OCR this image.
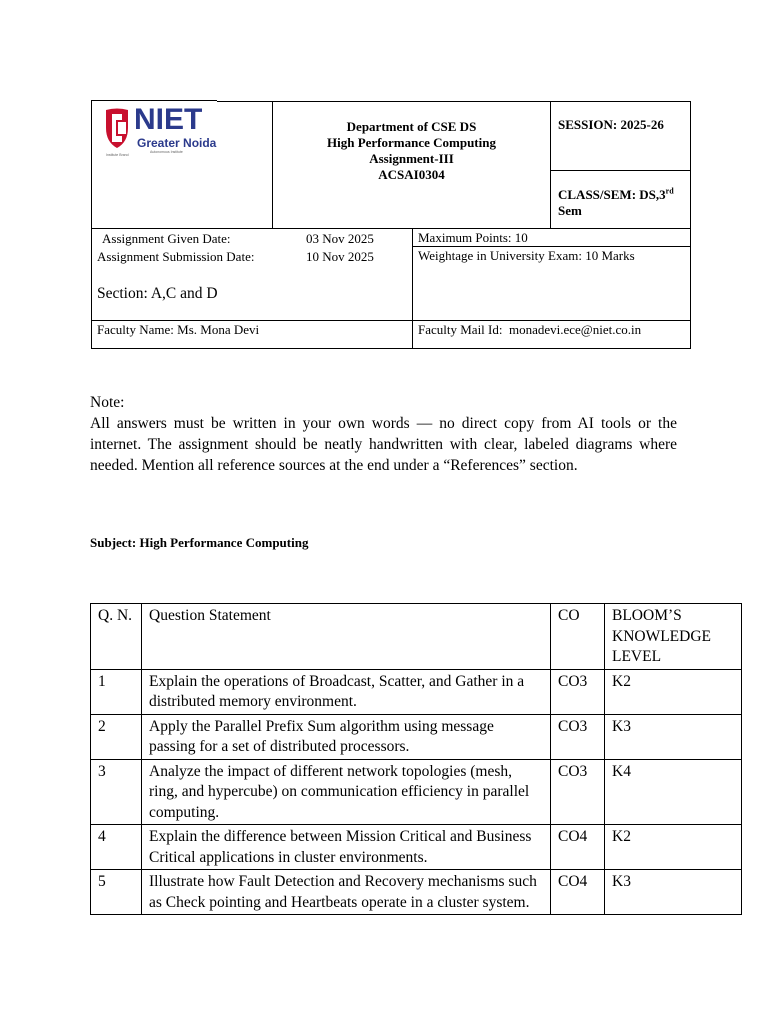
NIET
Greater Noida
Institute Brand
Autonomous Institute
Department of CSE DS
High Performance Computing
Assignment-III
ACSAI0304
SESSION: 2025-26
CLASS/SEM: DS,3rd
Sem
Assignment Given Date:	03 Nov 2025
Assignment Submission Date:	10 Nov 2025
Section: A,C and D
Maximum Points: 10
Weightage in University Exam: 10 Marks
Faculty Name: Ms. Mona Devi	Faculty Mail Id:  monadevi.ece@niet.co.in
Note:
All answers must be written in your own words — no direct copy from AI tools or the internet. The assignment should be neatly handwritten with clear, labeled diagrams where needed. Mention all reference sources at the end under a “References” section.
Subject: High Performance Computing
Q. N.	Question Statement	CO	BLOOM’S KNOWLEDGE LEVEL
1	Explain the operations of Broadcast, Scatter, and Gather in a distributed memory environment.	CO3	K2
2	Apply the Parallel Prefix Sum algorithm using message passing for a set of distributed processors.	CO3	K3
3	Analyze the impact of different network topologies (mesh, ring, and hypercube) on communication efficiency in parallel computing.	CO3	K4
4	Explain the difference between Mission Critical and Business Critical applications in cluster environments.	CO4	K2
5	Illustrate how Fault Detection and Recovery mechanisms such as Check pointing and Heartbeats operate in a cluster system.	CO4	K3
